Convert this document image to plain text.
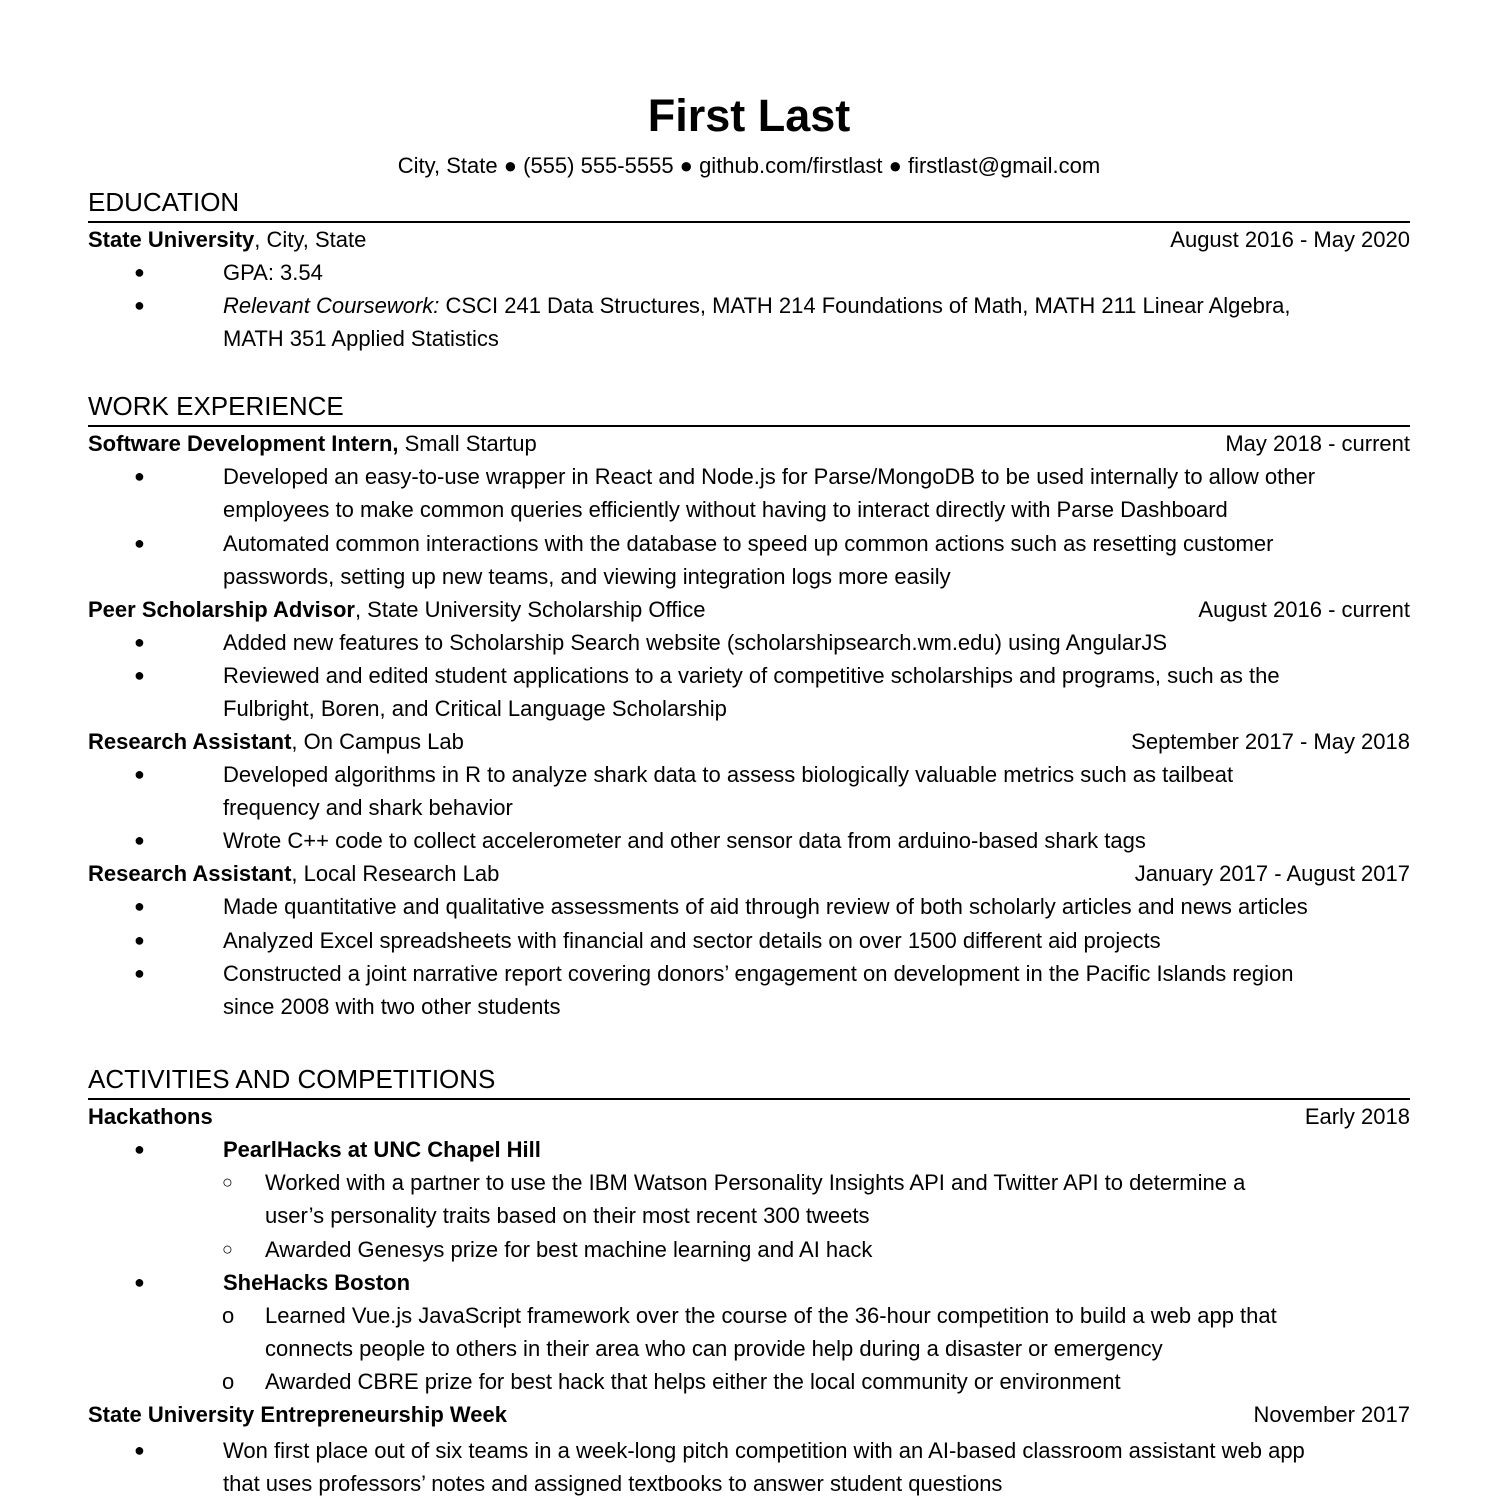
First Last
City, State ● (555) 555-5555 ● github.com/firstlast ● firstlast@gmail.com
EDUCATION
State University, City, State	August 2016 - May 2020
●	GPA: 3.54
●	Relevant Coursework: CSCI 241 Data Structures, MATH 214 Foundations of Math, MATH 211 Linear Algebra,
MATH 351 Applied Statistics
WORK EXPERIENCE
Software Development Intern, Small Startup	May 2018 - current
●	Developed an easy-to-use wrapper in React and Node.js for Parse/MongoDB to be used internally to allow other
employees to make common queries efficiently without having to interact directly with Parse Dashboard
●	Automated common interactions with the database to speed up common actions such as resetting customer
passwords, setting up new teams, and viewing integration logs more easily
Peer Scholarship Advisor, State University Scholarship Office	August 2016 - current
●	Added new features to Scholarship Search website (scholarshipsearch.wm.edu) using AngularJS
●	Reviewed and edited student applications to a variety of competitive scholarships and programs, such as the
Fulbright, Boren, and Critical Language Scholarship
Research Assistant, On Campus Lab	September 2017 - May 2018
●	Developed algorithms in R to analyze shark data to assess biologically valuable metrics such as tailbeat
frequency and shark behavior
●	Wrote C++ code to collect accelerometer and other sensor data from arduino-based shark tags
Research Assistant, Local Research Lab	January 2017 - August 2017
●	Made quantitative and qualitative assessments of aid through review of both scholarly articles and news articles
●	Analyzed Excel spreadsheets with financial and sector details on over 1500 different aid projects
●	Constructed a joint narrative report covering donors’ engagement on development in the Pacific Islands region
since 2008 with two other students
ACTIVITIES AND COMPETITIONS
Hackathons	Early 2018
●	PearlHacks at UNC Chapel Hill
○ Worked with a partner to use the IBM Watson Personality Insights API and Twitter API to determine a
user’s personality traits based on their most recent 300 tweets
○ Awarded Genesys prize for best machine learning and AI hack
●	SheHacks Boston
o Learned Vue.js JavaScript framework over the course of the 36-hour competition to build a web app that
connects people to others in their area who can provide help during a disaster or emergency
o Awarded CBRE prize for best hack that helps either the local community or environment
State University Entrepreneurship Week	November 2017
●	Won first place out of six teams in a week-long pitch competition with an AI-based classroom assistant web app
that uses professors’ notes and assigned textbooks to answer student questions
